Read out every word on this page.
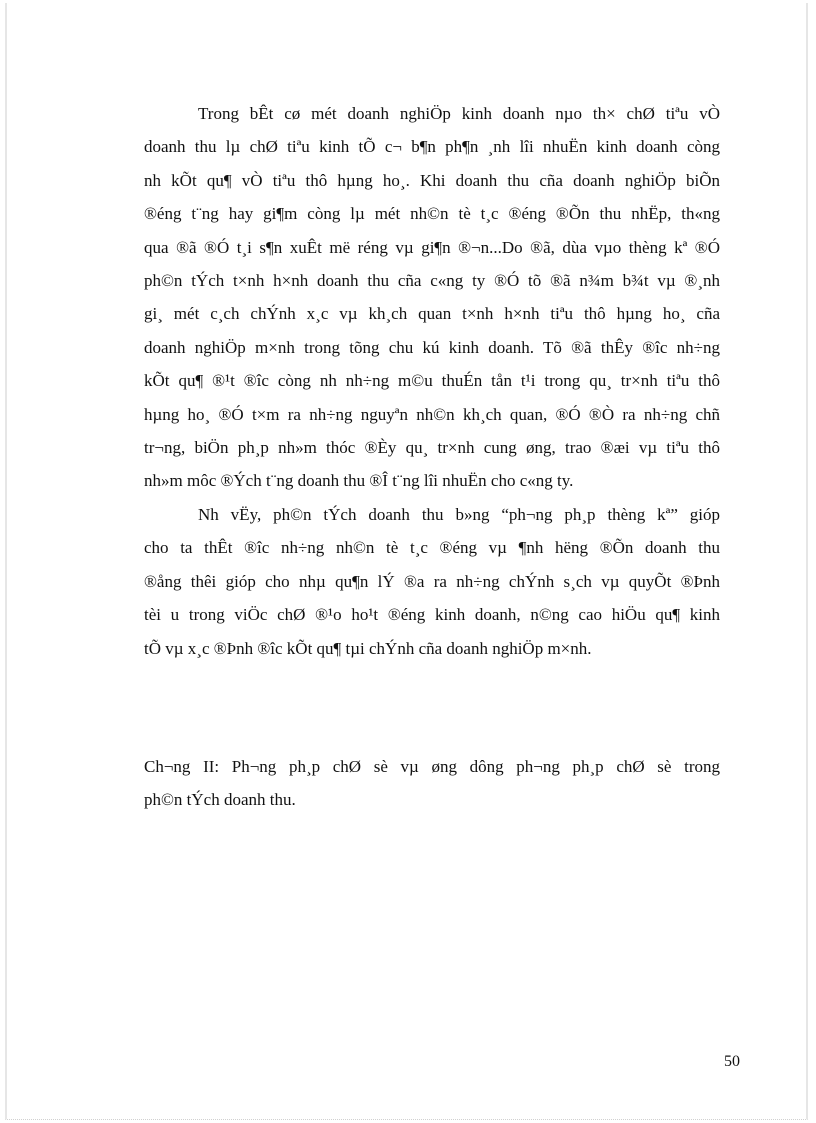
Trong bÊt cø mét doanh nghiÖp kinh doanh nµo th× chØ tiªu vÒ
doanh thu lµ chØ tiªu kinh tÕ c¬ b¶n ph¶n ¸nh lîi nhuËn kinh doanh còng
nh kÕt qu¶ vÒ tiªu thô hµng ho¸. Khi doanh thu cña doanh nghiÖp biÕn
®éng t¨ng hay gi¶m còng lµ mét nh©n tè t¸c ®éng ®Õn thu nhËp, th«ng
qua ®ã ®Ó t¸i s¶n xuÊt më réng vµ gi¶n ®¬n...Do ®ã, dùa vµo thèng kª ®Ó
ph©n tÝch t×nh h×nh doanh thu cña c«ng ty ®Ó tõ ®ã n¾m b¾t vµ ®¸nh
gi¸ mét c¸ch chÝnh x¸c vµ kh¸ch quan t×nh h×nh tiªu thô hµng ho¸ cña
doanh nghiÖp m×nh trong tõng chu kú kinh doanh. Tõ ®ã thÊy ®îc nh÷ng
kÕt qu¶ ®¹t ®îc còng nh nh÷ng m©u thuÉn tån t¹i trong qu¸ tr×nh tiªu thô
hµng ho¸ ®Ó t×m ra nh÷ng nguyªn nh©n kh¸ch quan, ®Ó ®Ò ra nh÷ng chñ
tr¬ng, biÖn ph¸p nh»m thóc ®Èy qu¸ tr×nh cung øng, trao ®æi vµ tiªu thô
nh»m môc ®Ých t¨ng doanh thu ®Î t¨ng lîi nhuËn cho c«ng ty.

Nh vËy, ph©n tÝch doanh thu b»ng “ph¬ng ph¸p thèng kª” gióp
cho ta thÊt ®îc nh÷ng nh©n tè t¸c ®éng vµ ¶nh hëng ®Õn doanh thu
®ång thêi gióp cho nhµ qu¶n lÝ ®a ra nh÷ng chÝnh s¸ch vµ quyÕt ®Þnh
tèi u trong viÖc chØ ®¹o ho¹t ®éng kinh doanh, n©ng cao hiÖu qu¶ kinh
tÕ vµ x¸c ®Þnh ®îc kÕt qu¶ tµi chÝnh cña doanh nghiÖp m×nh.

Ch¬ng II: Ph¬ng ph¸p chØ sè vµ øng dông ph¬ng ph¸p chØ sè trong
ph©n tÝch doanh thu.
50
